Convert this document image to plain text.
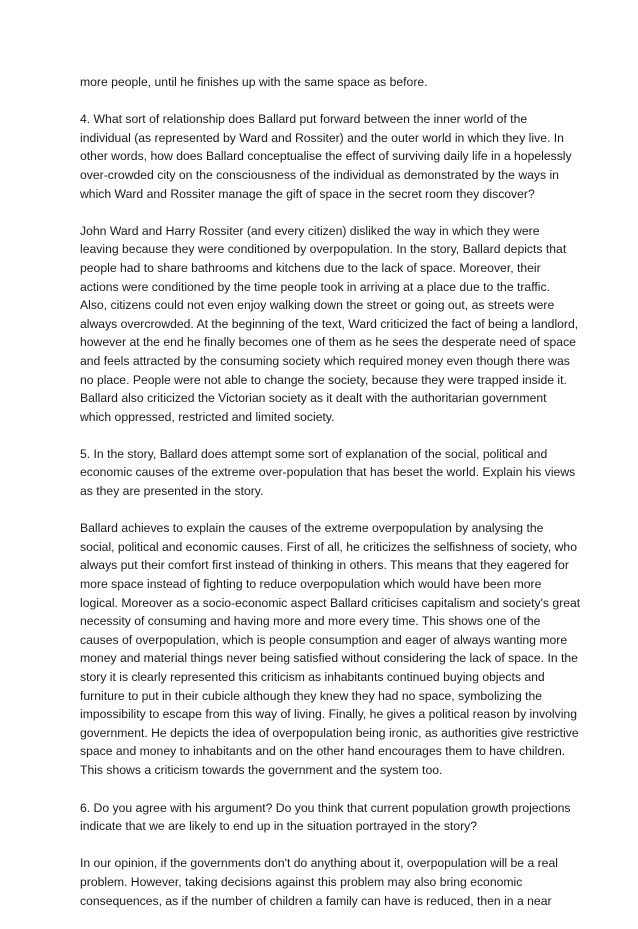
more people, until he finishes up with the same space as before.

4. What sort of relationship does Ballard put forward between the inner world of the
individual (as represented by Ward and Rossiter) and the outer world in which they live. In
other words, how does Ballard conceptualise the effect of surviving daily life in a hopelessly
over-crowded city on the consciousness of the individual as demonstrated by the ways in
which Ward and Rossiter manage the gift of space in the secret room they discover?

John Ward and Harry Rossiter (and every citizen) disliked the way in which they were
leaving because they were conditioned by overpopulation. In the story, Ballard depicts that
people had to share bathrooms and kitchens due to the lack of space. Moreover, their
actions were conditioned by the time people took in arriving at a place due to the traffic.
Also, citizens could not even enjoy walking down the street or going out, as streets were
always overcrowded. At the beginning of the text, Ward criticized the fact of being a landlord,
however at the end he finally becomes one of them as he sees the desperate need of space
and feels attracted by the consuming society which required money even though there was
no place. People were not able to change the society, because they were trapped inside it.
Ballard also criticized the Victorian society as it dealt with the authoritarian government
which oppressed, restricted and limited society.

5. In the story, Ballard does attempt some sort of explanation of the social, political and
economic causes of the extreme over-population that has beset the world. Explain his views
as they are presented in the story.

Ballard achieves to explain the causes of the extreme overpopulation by analysing the
social, political and economic causes. First of all, he criticizes the selfishness of society, who
always put their comfort first instead of thinking in others. This means that they eagered for
more space instead of fighting to reduce overpopulation which would have been more
logical. Moreover as a socio-economic aspect Ballard criticises capitalism and society's great
necessity of consuming and having more and more every time. This shows one of the
causes of overpopulation, which is people consumption and eager of always wanting more
money and material things never being satisfied without considering the lack of space. In the
story it is clearly represented this criticism as inhabitants continued buying objects and
furniture to put in their cubicle although they knew they had no space, symbolizing the
impossibility to escape from this way of living. Finally, he gives a political reason by involving
government. He depicts the idea of overpopulation being ironic, as authorities give restrictive
space and money to inhabitants and on the other hand encourages them to have children.
This shows a criticism towards the government and the system too.

6. Do you agree with his argument? Do you think that current population growth projections
indicate that we are likely to end up in the situation portrayed in the story?

In our opinion, if the governments don't do anything about it, overpopulation will be a real
problem. However, taking decisions against this problem may also bring economic
consequences, as if the number of children a family can have is reduced, then in a near
